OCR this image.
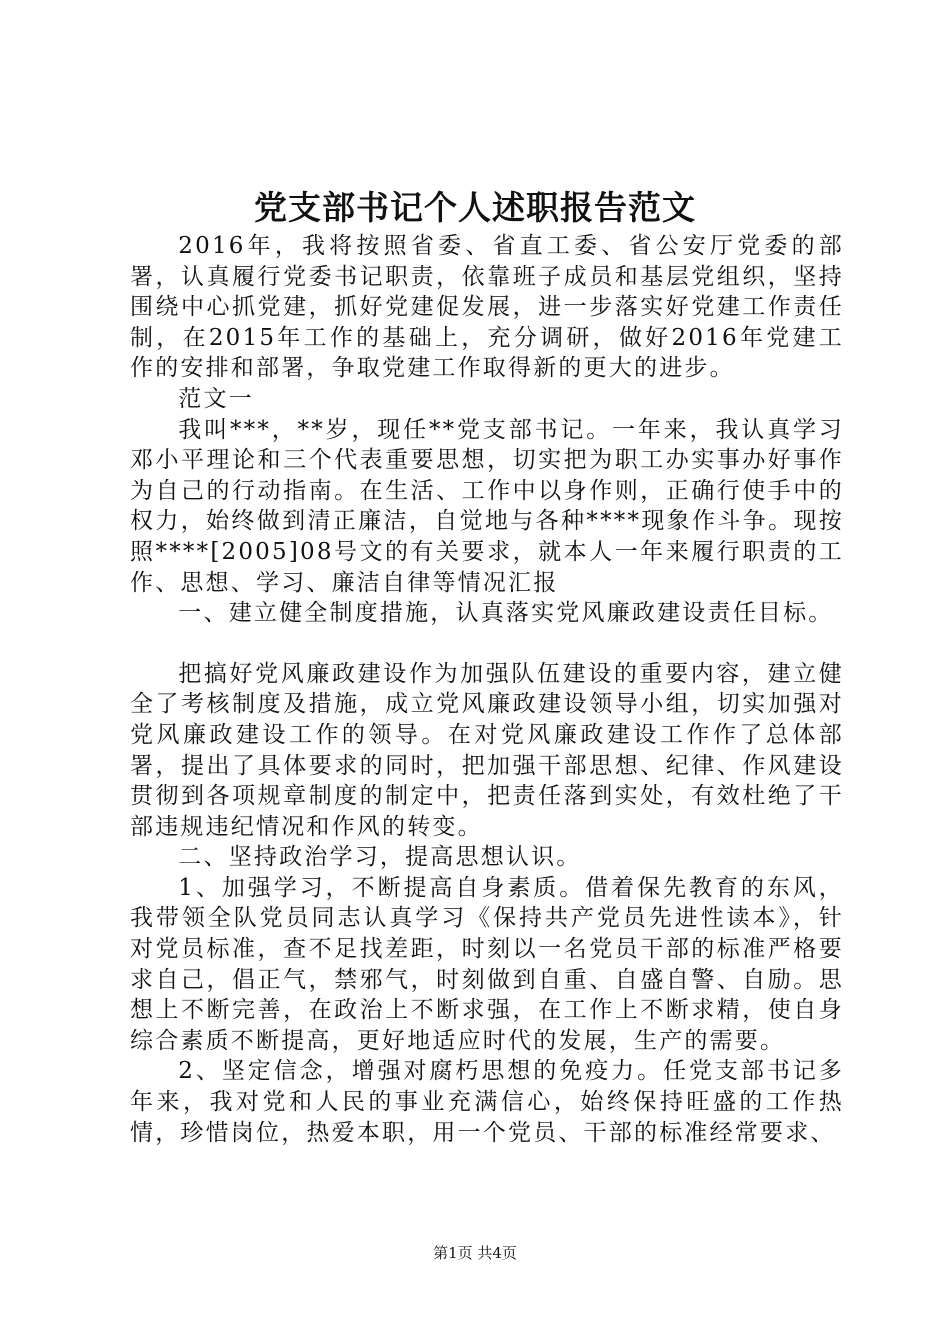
党支部书记个人述职报告范文

2016年，我将按照省委、省直工委、省公安厅党委的部署，认真履行党委书记职责，依靠班子成员和基层党组织，坚持围绕中心抓党建，抓好党建促发展，进一步落实好党建工作责任制，在2015年工作的基础上，充分调研，做好2016年党建工作的安排和部署，争取党建工作取得新的更大的进步。

范文一

我叫***，**岁，现任**党支部书记。一年来，我认真学习邓小平理论和三个代表重要思想，切实把为职工办实事办好事作为自己的行动指南。在生活、工作中以身作则，正确行使手中的权力，始终做到清正廉洁，自觉地与各种****现象作斗争。现按照****[2005]08号文的有关要求，就本人一年来履行职责的工作、思想、学习、廉洁自律等情况汇报

一、建立健全制度措施，认真落实党风廉政建设责任目标。

把搞好党风廉政建设作为加强队伍建设的重要内容，建立健全了考核制度及措施，成立党风廉政建设领导小组，切实加强对党风廉政建设工作的领导。在对党风廉政建设工作作了总体部署，提出了具体要求的同时，把加强干部思想、纪律、作风建设贯彻到各项规章制度的制定中，把责任落到实处，有效杜绝了干部违规违纪情况和作风的转变。

二、坚持政治学习，提高思想认识。

1、加强学习，不断提高自身素质。借着保先教育的东风，我带领全队党员同志认真学习《保持共产党员先进性读本》，针对党员标准，查不足找差距，时刻以一名党员干部的标准严格要求自己，倡正气，禁邪气，时刻做到自重、自盛自警、自励。思想上不断完善，在政治上不断求强，在工作上不断求精，使自身综合素质不断提高，更好地适应时代的发展，生产的需要。

2、坚定信念，增强对腐朽思想的免疫力。任党支部书记多年来，我对党和人民的事业充满信心，始终保持旺盛的工作热情，珍惜岗位，热爱本职，用一个党员、干部的标准经常要求、

第1页 共4页
